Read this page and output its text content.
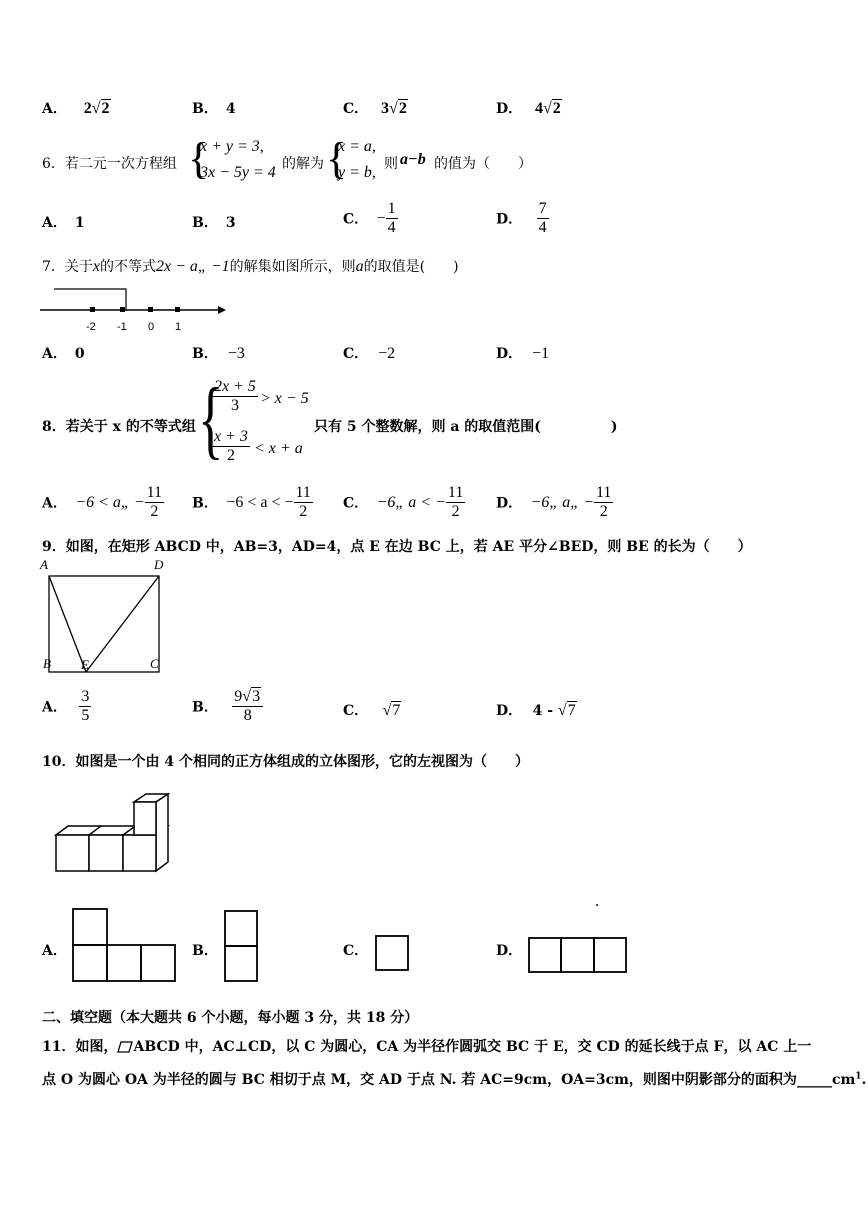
A． 2√2	B． 4	C． 3√2	D． 4√2
6．若二元一次方程组 {
x + y = 3,
3x − 5y = 4 的解为 {
x = a,
y = b, 则 a−b 的值为（　　）
A． 1	B． 3	C． − $\frac{1}{4}$	D． $\frac{7}{4}$
7．关于x的不等式2x − a„ −1的解集如图所示，则a的取值是(　　)
-2 -1 0 1
A． 0	B． −3	C． −2	D． −1
8．若关于 x 的不等式组 {
$\frac{2x + 5}{3} > x - 5$
$\frac{x + 3}{2} < x + a$
只有 5 个整数解，则 a 的取值范围(　　　　　)
A． −6 < a„ − $\frac{11}{2}$ B． −6 < a < − $\frac{11}{2}$ C． −6„ a < − $\frac{11}{2}$ D． −6„ a„ − $\frac{11}{2}$
9．如图，在矩形 ABCD 中，AB=3，AD=4，点 E 在边 BC 上，若 AE 平分∠BED，则 BE 的长为（　　）
A	D
B E	C
A． $\frac{3}{5}$	B． $\frac{9√3}{8}$	C． √7	D． 4 - √7
10．如图是一个由 4 个相同的正方体组成的立体图形，它的左视图为（　　）
A．	B．	C．	D．
二、填空题（本大题共 6 个小题，每小题 3 分，共 18 分）
11．如图， ABCD 中，AC⊥CD，以 C 为圆心，CA 为半径作圆弧交 BC 于 E，交 CD 的延长线于点 F，以 AC 上一
点 O 为圆心 OA 为半径的圆与 BC 相切于点 M，交 AD 于点 N. 若 AC=9cm，OA=3cm，则图中阴影部分的面积为$\_\_\_\_\_cm^1$.
